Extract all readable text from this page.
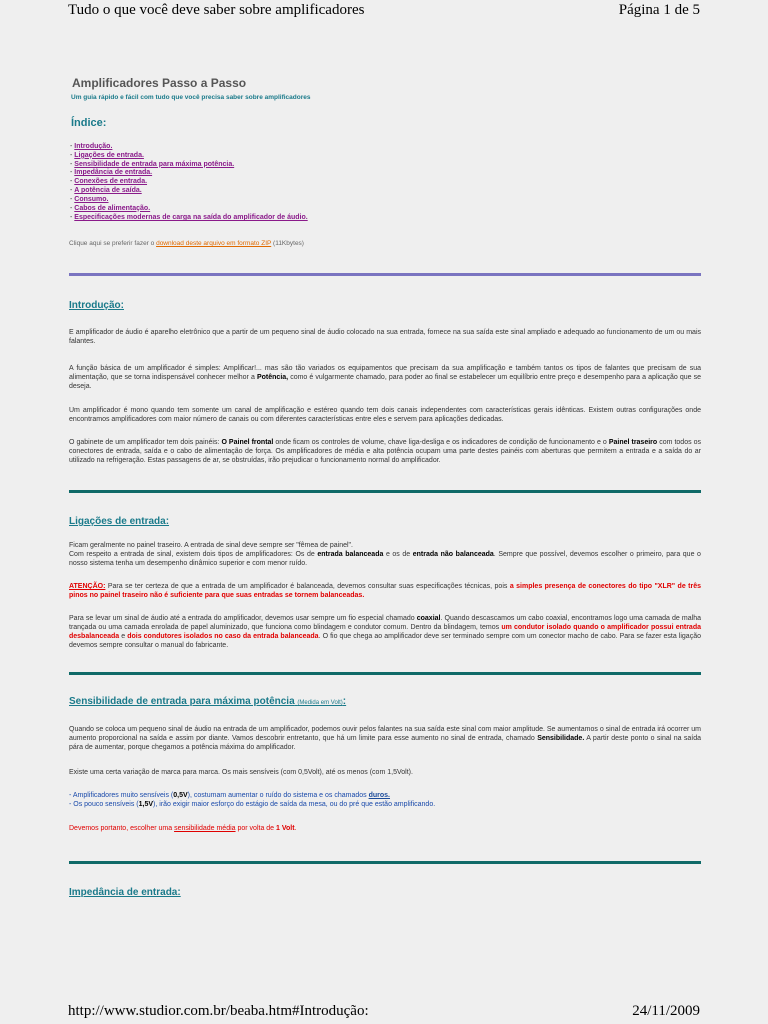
Tudo o que você deve saber sobre amplificadores	Página 1 de 5
Amplificadores Passo a Passo
Um guia rápido e fácil com tudo que você precisa saber sobre amplificadores
Índice:
- Introdução.
- Ligações de entrada.
- Sensibilidade de entrada para máxima potência.
- Impedância de entrada.
- Conexões de entrada.
- A potência de saída.
- Consumo.
- Cabos de alimentação.
- Especificações modernas de carga na saída do amplificador de áudio.
Clique aqui se preferir fazer o download deste arquivo em formato ZIP (11Kbytes)
Introdução:

E amplificador de áudio é aparelho eletrônico que a partir de um pequeno sinal de áudio colocado na sua entrada, fornece na sua saída este sinal ampliado e adequado ao funcionamento de um ou mais falantes.

A função básica de um amplificador é simples: Amplificar!... mas são tão variados os equipamentos que precisam da sua amplificação e também tantos os tipos de falantes que precisam de sua alimentação, que se torna indispensável conhecer melhor a Potência, como é vulgarmente chamado, para poder ao final se estabelecer um equilíbrio entre preço e desempenho para a aplicação que se deseja.

Um amplificador é mono quando tem somente um canal de amplificação e estéreo quando tem dois canais independentes com características gerais idênticas. Existem outras configurações onde encontramos amplificadores com maior número de canais ou com diferentes características entre eles e servem para aplicações dedicadas.

O gabinete de um amplificador tem dois painéis: O Painel frontal onde ficam os controles de volume, chave liga-desliga e os indicadores de condição de funcionamento e o Painel traseiro com todos os conectores de entrada, saída e o cabo de alimentação de força. Os amplificadores de média e alta potência ocupam uma parte destes painéis com aberturas que permitem a entrada e a saída do ar utilizado na refrigeração. Estas passagens de ar, se obstruídas, irão prejudicar o funcionamento normal do amplificador.

Ligações de entrada:

Ficam geralmente no painel traseiro. A entrada de sinal deve sempre ser "fêmea de painel".
Com respeito a entrada de sinal, existem dois tipos de amplificadores: Os de entrada balanceada e os de entrada não balanceada. Sempre que possível, devemos escolher o primeiro, para que o nosso sistema tenha um desempenho dinâmico superior e com menor ruído.

ATENÇÃO: Para se ter certeza de que a entrada de um amplificador é balanceada, devemos consultar suas especificações técnicas, pois a simples presença de conectores do tipo "XLR" de três pinos no painel traseiro não é suficiente para que suas entradas se tornem balanceadas.

Para se levar um sinal de áudio até a entrada do amplificador, devemos usar sempre um fio especial chamado coaxial. Quando descascamos um cabo coaxial, encontramos logo uma camada de malha trançada ou uma camada enrolada de papel aluminizado, que funciona como blindagem e condutor comum. Dentro da blindagem, temos um condutor isolado quando o amplificador possui entrada desbalanceada e dois condutores isolados no caso da entrada balanceada. O fio que chega ao amplificador deve ser terminado sempre com um conector macho de cabo. Para se fazer esta ligação devemos sempre consultar o manual do fabricante.

Sensibilidade de entrada para máxima potência (Medida em Volt):

Quando se coloca um pequeno sinal de áudio na entrada de um amplificador, podemos ouvir pelos falantes na sua saída este sinal com maior amplitude. Se aumentamos o sinal de entrada irá ocorrer um aumento proporcional na saída e assim por diante. Vamos descobrir entretanto, que há um limite para esse aumento no sinal de entrada, chamado Sensibilidade. A partir deste ponto o sinal na saída pára de aumentar, porque chegamos a potência máxima do amplificador.

Existe uma certa variação de marca para marca. Os mais sensíveis (com 0,5Volt), até os menos (com 1,5Volt).

- Amplificadores muito sensíveis (0,5V), costumam aumentar o ruído do sistema e os chamados duros.

- Os pouco sensíveis (1,5V), irão exigir maior esforço do estágio de saída da mesa, ou do pré que estão amplificando.

Devemos portanto, escolher uma sensibilidade média por volta de 1 Volt.

Impedância de entrada:
http://www.studior.com.br/beaba.htm#Introdução:	24/11/2009
